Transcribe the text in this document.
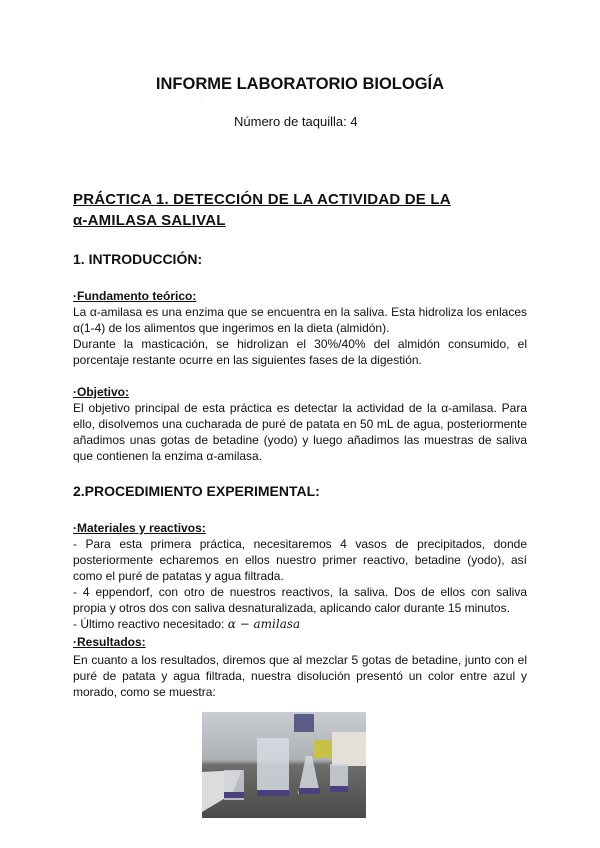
INFORME LABORATORIO BIOLOGÍA
·
Número de taquilla: 4
PRÁCTICA 1. DETECCIÓN DE LA ACTIVIDAD DE LA
α-AMILASA SALIVAL
1. INTRODUCCIÓN:
·Fundamento teórico:

La α-amilasa es una enzima que se encuentra en la saliva. Esta hidroliza los enlaces α(1-4) de los alimentos que ingerimos en la dieta (almidón).

Durante la masticación, se hidrolizan el 30%/40% del almidón consumido, el porcentaje restante ocurre en las siguientes fases de la digestión.

·Objetivo:

El objetivo principal de esta práctica es detectar la actividad de la α-amilasa. Para ello, disolvemos una cucharada de puré de patata en 50 mL de agua, posteriormente añadimos unas gotas de betadine (yodo) y luego añadimos las muestras de saliva que contienen la enzima α-amilasa.

2.PROCEDIMIENTO EXPERIMENTAL:
·Materiales y reactivos:

- Para esta primera práctica, necesitaremos 4 vasos de precipitados, donde posteriormente echaremos en ellos nuestro primer reactivo, betadine (yodo), así como el puré de patatas y agua filtrada.

- 4 eppendorf, con otro de nuestros reactivos, la saliva. Dos de ellos con saliva propia y otros dos con saliva desnaturalizada, aplicando calor durante 15 minutos.

- Último reactivo necesitado: α − amilasa

·Resultados:

En cuanto a los resultados, diremos que al mezclar 5 gotas de betadine, junto con el puré de patata y agua filtrada, nuestra disolución presentó un color entre azul y morado, como se muestra:
